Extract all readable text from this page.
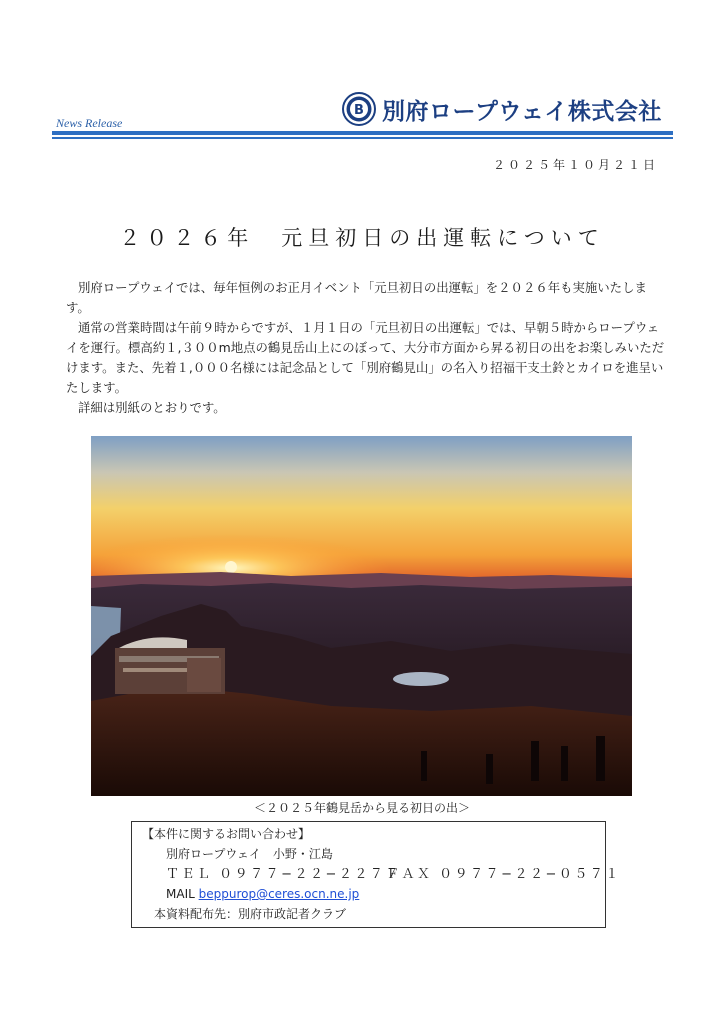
News Release
B 別府ロープウェイ株式会社
２０２５年１０月２１日
２０２６年　元旦初日の出運転について

別府ロープウェイでは、毎年恒例のお正月イベント「元旦初日の出運転」を２０２６年も実施いたします。

通常の営業時間は午前９時からですが、１月１日の「元旦初日の出運転」では、早朝５時からロープウェイを運行。標高約１,３００m地点の鶴見岳山上にのぼって、大分市方面から昇る初日の出をお楽しみいただけます。また、先着１,０００名様には記念品として「別府鶴見山」の名入り招福干支土鈴とカイロを進呈いたします。

詳細は別紙のとおりです。

＜２０２５年鶴見岳から見る初日の出＞
【本件に関するお問い合わせ】
別府ロープウェイ　小野・江島
ＴＥＬ ０９７７−２２−２２７７
ＦＡＸ ０９７７−２２−０５７１
MAIL beppurop@ceres.ocn.ne.jp
本資料配布先：別府市政記者クラブ
